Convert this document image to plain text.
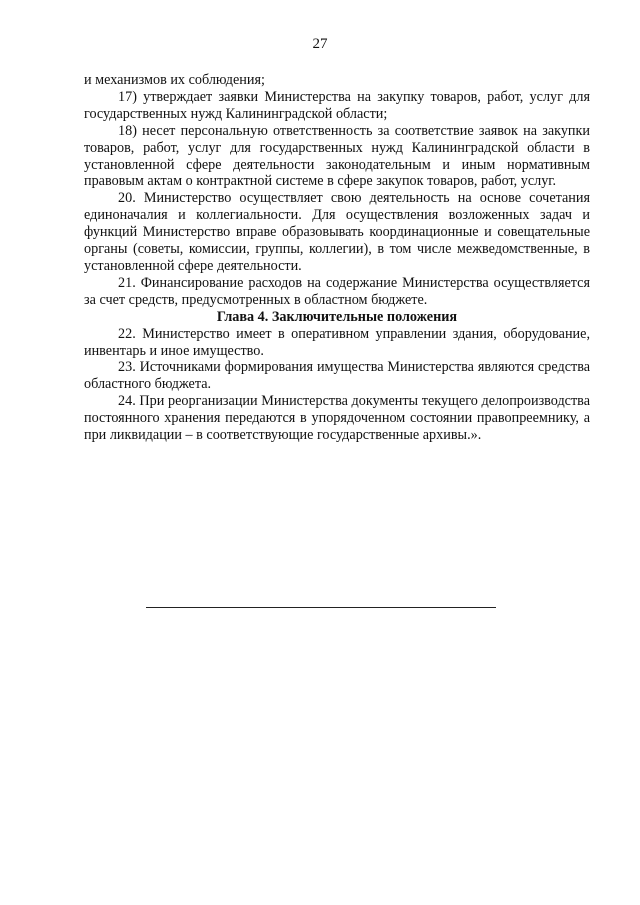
27

и механизмов их соблюдения;

17) утверждает заявки Министерства на закупку товаров, работ, услуг для государственных нужд Калининградской области;

18) несет персональную ответственность за соответствие заявок на закупки товаров, работ, услуг для государственных нужд Калининградской области в установленной сфере деятельности законодательным и иным нормативным правовым актам о контрактной системе в сфере закупок товаров, работ, услуг.

20. Министерство осуществляет свою деятельность на основе сочетания единоначалия и коллегиальности. Для осуществления возложенных задач и функций Министерство вправе образовывать координационные и совещательные органы (советы, комиссии, группы, коллегии), в том числе межведомственные, в установленной сфере деятельности.

21. Финансирование расходов на содержание Министерства осуществляется за счет средств, предусмотренных в областном бюджете.

Глава 4. Заключительные положения

22. Министерство имеет в оперативном управлении здания, оборудование, инвентарь и иное имущество.

23. Источниками формирования имущества Министерства являются средства областного бюджета.

24. При реорганизации Министерства документы текущего делопроизводства постоянного хранения передаются в упорядоченном состоянии правопреемнику, а при ликвидации – в соответствующие государственные архивы.».
